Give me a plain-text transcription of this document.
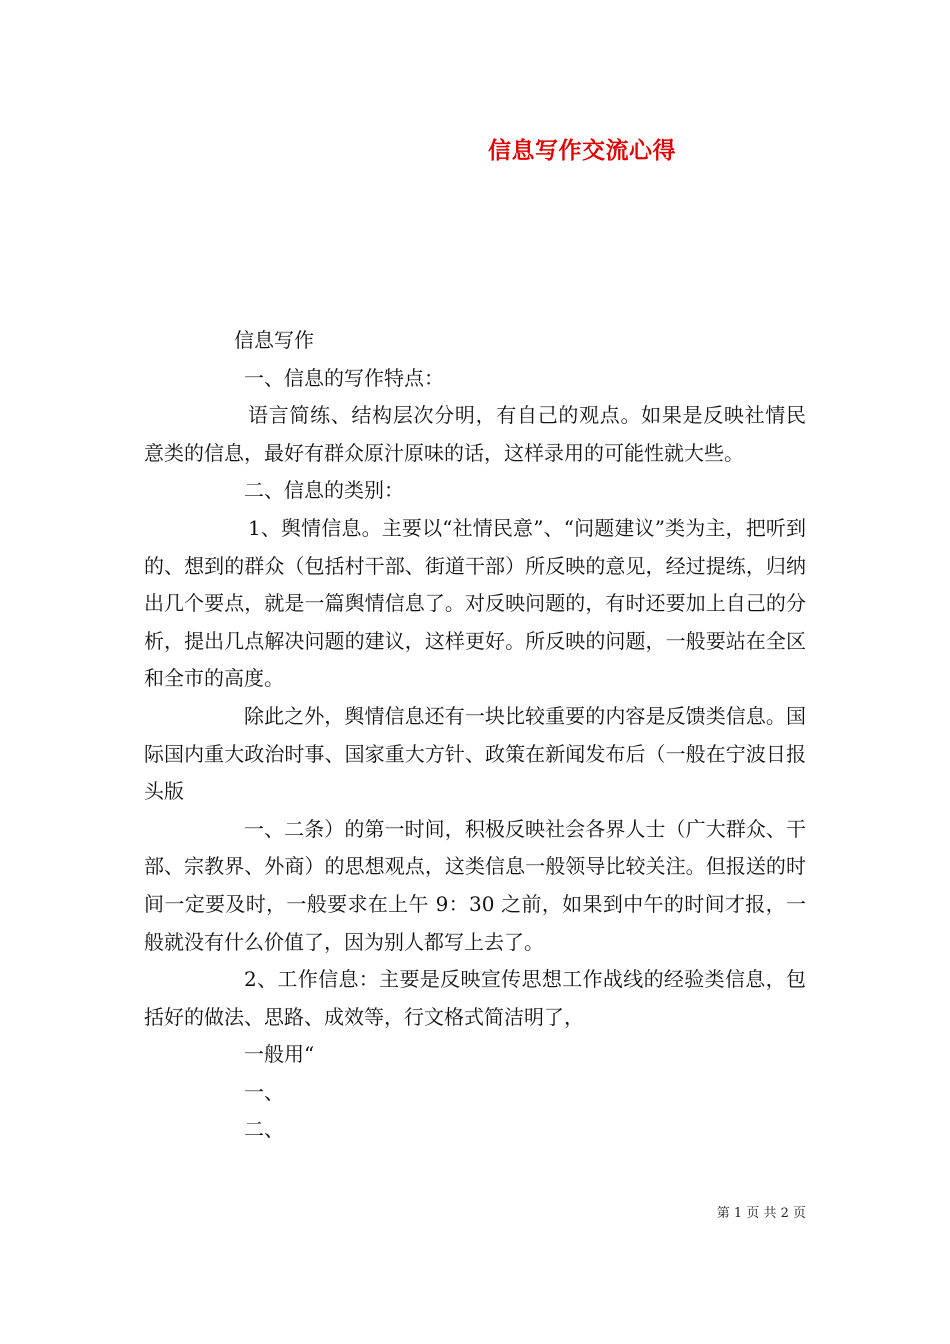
信息写作交流心得

信息写作

一、信息的写作特点：

语言简练、结构层次分明，有自己的观点。如果是反映社情民意类的信息，最好有群众原汁原味的话，这样录用的可能性就大些。

二、信息的类别：

1、舆情信息。主要以“社情民意”、“问题建议”类为主，把听到的、想到的群众（包括村干部、街道干部）所反映的意见，经过提练，归纳出几个要点，就是一篇舆情信息了。对反映问题的，有时还要加上自己的分析，提出几点解决问题的建议，这样更好。所反映的问题，一般要站在全区和全市的高度。

除此之外，舆情信息还有一块比较重要的内容是反馈类信息。国际国内重大政治时事、国家重大方针、政策在新闻发布后（一般在宁波日报头版

一、二条）的第一时间，积极反映社会各界人士（广大群众、干部、宗教界、外商）的思想观点，这类信息一般领导比较关注。但报送的时间一定要及时，一般要求在上午 9：30 之前，如果到中午的时间才报，一般就没有什么价值了，因为别人都写上去了。

2、工作信息：主要是反映宣传思想工作战线的经验类信息，包括好的做法、思路、成效等，行文格式简洁明了，

一般用“

一、

二、

第 1 页 共 2 页
